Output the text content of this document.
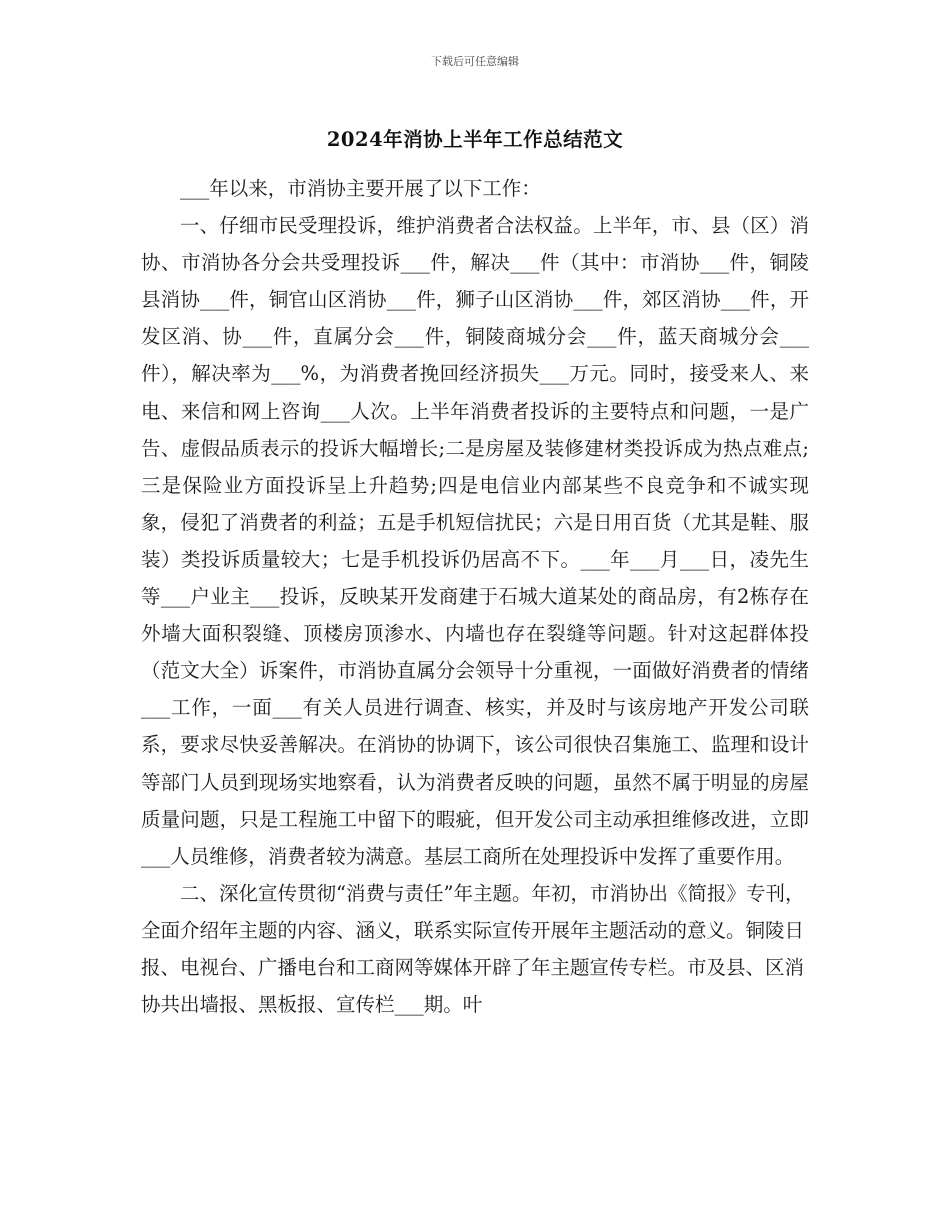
下载后可任意编辑
2024年消协上半年工作总结范文

___年以来，市消协主要开展了以下工作：

一、仔细市民受理投诉，维护消费者合法权益。上半年，市、县（区）消协、市消协各分会共受理投诉___件，解决___件（其中：市消协___件，铜陵县消协___件，铜官山区消协___件，狮子山区消协___件，郊区消协___件，开发区消、协___件，直属分会___件，铜陵商城分会___件，蓝天商城分会___件），解决率为___%，为消费者挽回经济损失___万元。同时，接受来人、来电、来信和网上咨询___人次。上半年消费者投诉的主要特点和问题，一是广告、虚假品质表示的投诉大幅增长;二是房屋及装修建材类投诉成为热点难点;三是保险业方面投诉呈上升趋势;四是电信业内部某些不良竞争和不诚实现象，侵犯了消费者的利益；五是手机短信扰民；六是日用百货（尤其是鞋、服装）类投诉质量较大；七是手机投诉仍居高不下。___年___月___日，凌先生等___户业主___投诉，反映某开发商建于石城大道某处的商品房，有2栋存在外墙大面积裂缝、顶楼房顶渗水、内墙也存在裂缝等问题。针对这起群体投（范文大全）诉案件，市消协直属分会领导十分重视，一面做好消费者的情绪___工作，一面___有关人员进行调查、核实，并及时与该房地产开发公司联系，要求尽快妥善解决。在消协的协调下，该公司很快召集施工、监理和设计等部门人员到现场实地察看，认为消费者反映的问题，虽然不属于明显的房屋质量问题，只是工程施工中留下的暇疵，但开发公司主动承担维修改进，立即___人员维修，消费者较为满意。基层工商所在处理投诉中发挥了重要作用。

二、深化宣传贯彻“消费与责任”年主题。年初，市消协出《简报》专刊，全面介绍年主题的内容、涵义，联系实际宣传开展年主题活动的意义。铜陵日报、电视台、广播电台和工商网等媒体开辟了年主题宣传专栏。市及县、区消协共出墙报、黑板报、宣传栏___期。叶
